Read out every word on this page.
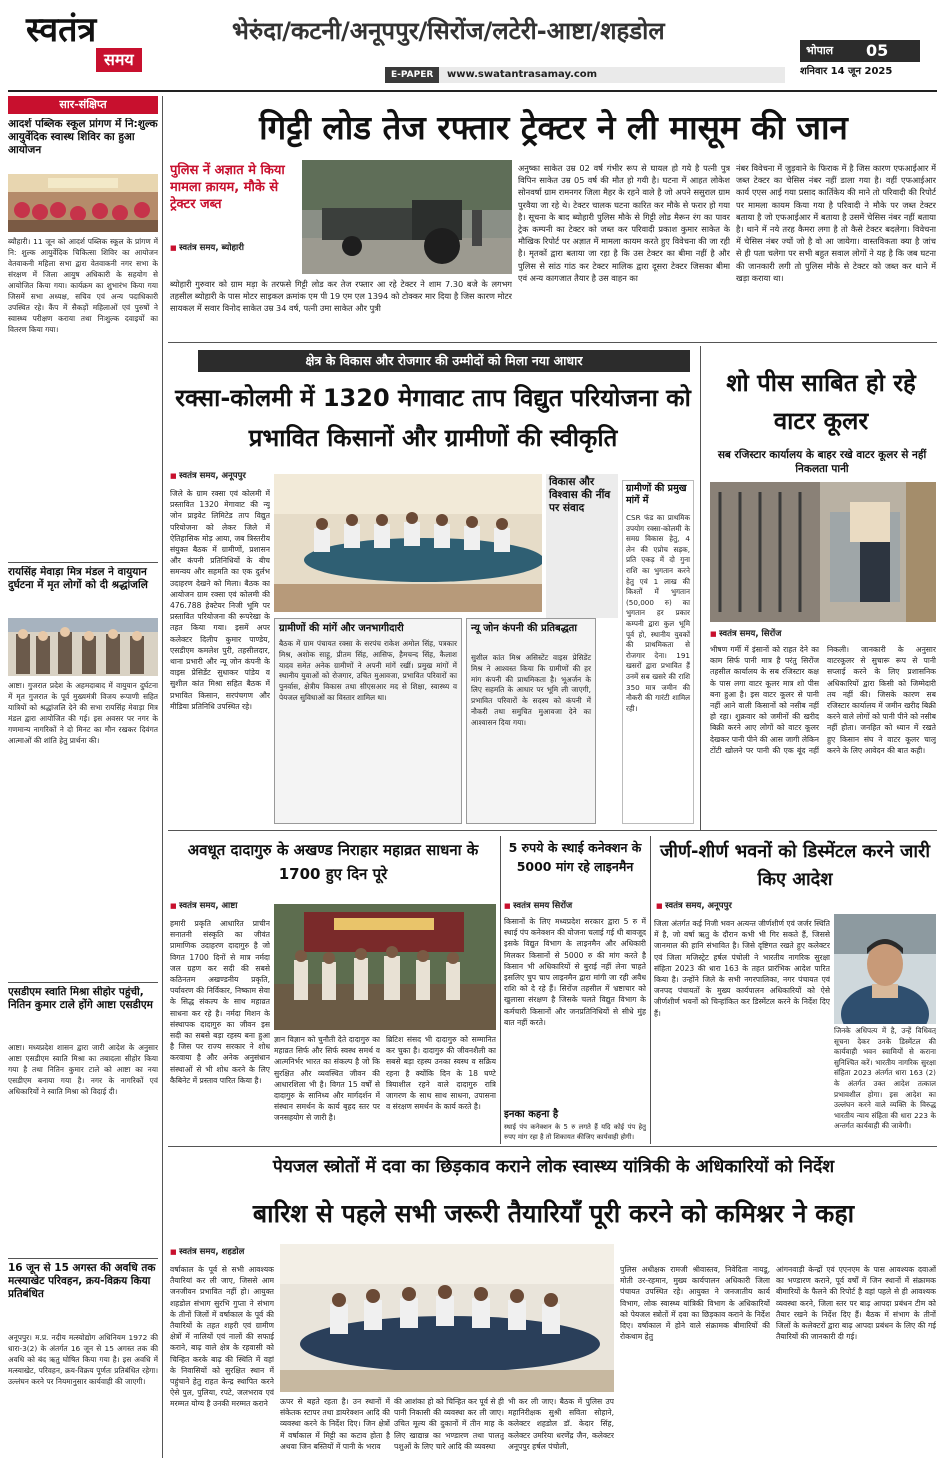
स्वतंत्र
समय
भेरुंदा/कटनी/अनूपपुर/सिरोंज/लटेरी-आष्टा/शहडोल
E-PAPER	www.swatantrasamay.com
भोपाल 05
शनिवार 14 जून 2025
सार-संक्षिप्त
आदर्श पब्लिक स्कूल प्रांगण में नि:शुल्क आयुर्वेदिक स्वास्थ शिविर का हुआ आयोजन
ब्यौहारी। 11 जून को आदर्श पब्लिक स्कूल के प्रांगण में नि: शुल्क आयुर्वेदिक चिकित्सा शिविर का आयोजन वेतवाकनी महिला सभा द्वारा वेतवाकनी नगर सभा के संरक्षण में जिला आयुष अधिकारी के सहयोग से आयोजित किया गया। कार्यक्रम का शुभारंभ किया गया जिसमें सभा अध्यक्ष, सचिव एवं अन्य पदाधिकारी उपस्थित रहे। कैंप में सैकड़ों महिलाओं एवं पुरुषों ने स्वास्थ्य परीक्षण कराया तथा निःशुल्क दवाइयों का वितरण किया गया।
रायसिंह मेवाड़ा मित्र मंडल ने वायुयान दुर्घटना में मृत लोगों को दी श्रद्धांजलि
आष्टा। गुजरात प्रदेश के अहमदाबाद में वायुयान दुर्घटना में मृत गुजरात के पूर्व मुख्यमंत्री विजय रूपाणी सहित यात्रियों को श्रद्धांजलि देने की सभा रायसिंह मेवाड़ा मित्र मंडल द्वारा आयोजित की गई। इस अवसर पर नगर के गणमान्य नागरिकों ने दो मिनट का मौन रखकर दिवंगत आत्माओं की शांति हेतु प्रार्थना की।
एसडीएम स्वाति मिश्रा सीहोर पहुंची, नितिन कुमार टाले होंगे आष्टा एसडीएम
आष्टा। मध्यप्रदेश शासन द्वारा जारी आदेश के अनुसार आष्टा एसडीएम स्वाति मिश्रा का तबादला सीहोर किया गया है तथा नितिन कुमार टाले को आष्टा का नया एसडीएम बनाया गया है। नगर के नागरिकों एवं अधिकारियों ने स्वाति मिश्रा को विदाई दी।
16 जून से 15 अगस्त की अवधि तक मत्स्याखेट परिवहन, क्रय-विक्रय किया प्रतिबंधित
अनूपपुर। म.प्र. नदीय मत्स्योद्योग अधिनियम 1972 की धारा-3(2) के अंतर्गत 16 जून से 15 अगस्त तक की अवधि को बंद ऋतु घोषित किया गया है। इस अवधि में मत्स्याखेट, परिवहन, क्रय-विक्रय पूर्णतः प्रतिबंधित रहेगा। उल्लंघन करने पर नियमानुसार कार्यवाही की जाएगी।
गिट्टी लोड तेज रफ्तार ट्रेक्टर ने ली मासूम की जान
पुलिस नें अज्ञात मे किया मामला क़ायम, मौके से ट्रेक्टर जब्त
■ स्वतंत्र समय, ब्योहारी
ब्योहारी गुरुवार को ग्राम मड़ा के तरफसे गिट्टी लोड कर तेज रफ्तार आ रहे टेक्टर ने शाम 7.30 बजे के लगभग तहसील ब्योहारी के पास मोटर साइकल क्रमांक एम पी 19 एम एल 1394 को टोक्कर मार दिया है जिस कारण मोटर सायकल में सवार विनोद साकेत उम्र 34 वर्ष, पत्नी उमा साकेत और पुत्री
अनुष्का साकेत उम्र 02 वर्ष गंभीर रूप से घायल हो गये है पत्नी पुत्र विपिन साकेत उम्र 05 वर्ष की मौत हो गयी है। घटना में आहत लोकेश सोनवर्षा ग्राम रामनगर जिला मैहर के रहने वाले है जो अपने ससुराल ग्राम पुरवैया जा रहे थे। टेक्टर चालक घटना कारित कर मौके से फरार हो गया है। सूचना के बाद ब्योहारी पुलिस मौके से गिट्टी लोड मैरून रंग का पावर ट्रेक कम्पनी का टेक्टर को जब्त कर परिवादी प्रकाश कुमार साकेत के मौखिक रिपोर्ट पर अज्ञात में मामला कायम करते हुए विवेचना की जा रही है। मृतकों द्वारा बताया जा रहा है कि उस टेक्टर का बीमा नहीं है और पुलिस से सांठ गांठ कर टेक्टर मालिक द्वारा दूसरा टेक्टर जिसका बीमा एवं अन्य कागजात तैयार है उस वाहन का
नंबर विवेचना में जुड़वाने के फिराक में है जिस कारण एफआईआर में जब्त टेक्टर का चेसिस नंबर नहीं डाला गया है। वहीं एफआईआर कार्य एएस आई गया प्रसाद कार्तिकेय की माने तो परिवादी की रिपोर्ट पर मामला कायम किया गया है परिवादी ने मौके पर जब्त टेक्टर बताया है जो एफआईआर में बताया है उसमें चेसिस नंबर नहीं बताया है। थाने में नये तरह कैमरा लगा है तो कैसे टेक्टर बदलेगा। विवेचना में चेसिस नंबर ज्यों जो है वो आ जायेगा। वास्तविकता क्या है जांच से ही पता चलेगा पर सभी बहुत सवाल लोगों ने यह है कि जब घटना की जानकारी लगी तो पुलिस मौके से टेक्टर को जब्त कर थाने में खड़ा कराया था।
क्षेत्र के विकास और रोजगार की उम्मीदों को मिला नया आधार
रक्सा-कोलमी में 1320 मेगावाट ताप विद्युत परियोजना को प्रभावित किसानों और ग्रामीणों की स्वीकृति
■ स्वतंत्र समय, अनूपपुर
जिले के ग्राम रक्सा एवं कोलमी में प्रस्तावित 1320 मेगावाट की न्यू जोन प्राइवेट लिमिटेड ताप विद्युत परियोजना को लेकर जिले में ऐतिहासिक मोड़ आया, जब त्रिस्तरीय संयुक्त बैठक में ग्रामीणों, प्रशासन और कंपनी प्रतिनिधियों के बीच समन्वय और सहमति का एक दुर्लभ उदाहरण देखने को मिला। बैठक का आयोजन ग्राम रक्सा एवं कोलमी की 476.788 हेक्टेयर निजी भूमि पर प्रस्तावित परियोजना की रूपरेखा के तहत किया गया। इसमें अपर कलेक्टर दिलीप कुमार पाण्डेय, एसडीएम कमलेश पुरी, तहसीलदार, थाना प्रभारी और न्यू जोन कंपनी के वाइस प्रेसिडेंट सुधाकर पांडेय व सुशील कांत मिश्रा सहित बैठक में प्रभावित किसान, सरपंचगण और मीडिया प्रतिनिधि उपस्थित रहे।
ग्रामीणों की मांगें और जनभागीदारी
बैठक में ग्राम पंचायत रक्सा के सरपंच राकेश अमोल सिंह, पत्रकार मिश्र, अशोक साहू, प्रीतम सिंह, आसिफ, हैमचन्द सिंह, कैलाश यादव समेत अनेक ग्रामीणों ने अपनी मांगें रखीं। प्रमुख मांगों में स्थानीय युवाओं को रोजगार, उचित मुआवजा, प्रभावित परिवारों का पुनर्वास, क्षेत्रीय विकास तथा सीएसआर मद से शिक्षा, स्वास्थ्य व पेयजल सुविधाओं का विस्तार शामिल था।
न्यू जोन कंपनी की प्रतिबद्धता
सुशील कांत मिश्र असिस्टेंट वाइस प्रेसिडेंट मिश्र ने आश्वस्त किया कि ग्रामीणों की हर मांग कंपनी की प्राथमिकता है। भूअर्जन के लिए सहमति के आधार पर भूमि ली जाएगी, प्रभावित परिवारों के सदस्य को कंपनी में नौकरी तथा समुचित मुआवजा देने का आश्वासन दिया गया।
विकास और विश्वास की नींव पर संवाद
ग्रामीणों की प्रमुख मांगें में
CSR फंड का प्राथमिक उपयोग रक्सा-कोलमी के समग्र विकास हेतु, 4 लेन की एप्रोच सड़क, प्रति एकड़ में दो गुना राशि का भुगतान करने हेतु एवं 1 लाख की किश्तों में भुगतान (50,000 रु) का भुगतान हर प्रकार कम्पनी द्वारा कुल भूमि पूर्व हो, स्थानीय युवकों की प्राथमिकता से रोजगार देना। 191 खसरों द्वारा प्रभावित हैं उनमें सब खसरे की राशि 350 मात्र जमीन की नौकरी की गारंटी शामिल रही।
शो पीस साबित हो रहे वाटर कूलर
सब रजिस्टार कार्यालय के बाहर रखे वाटर कूलर से नहीं निकलता पानी
■ स्वतंत्र समय, सिरोंज
भीषण गर्मी में इंसानों को राहत देने का काम सिर्फ पानी मात्र है परंतु सिरोंज तहसील कार्यालय के सब रजिस्टार कक्ष के पास लगा वाटर कूलर मात्र शो पीस बना हुआ है। इस वाटर कूलर से पानी नहीं आने वाली किसानों को नसीब नहीं हो रहा। शुक्रवार को जमीनों की खरीद बिक्री करने आए लोगों को वाटर कूलर देखकर पानी पीने की आस जागी लेकिन टोंटी खोलने पर पानी की एक बूंद नहीं निकली। जानकारी के अनुसार वाटरकूलर से सुचारू रूप से पानी सप्लाई करने के लिए प्रशासनिक अधिकारियों द्वारा किसी को जिम्मेदारी तय नहीं की। जिसके कारण सब रजिस्टार कार्यालय में जमीन खरीद बिक्री करने वाले लोगों को पानी पीने को नसीब नहीं होता। जनहित को ध्यान में रखते हुए किसान संघ ने वाटर कूलर चालू करने के लिए आवेदन की बात कही।
अवधूत दादागुरु के अखण्ड निराहार महाव्रत साधना के 1700 हुए दिन पूरे
■ स्वतंत्र समय, आष्टा
हमारी प्रकृति आधारित प्राचीन सनातनी संस्कृति का जीवंत प्रामाणिक उदाहरण दादागुरु है जो विगत 1700 दिनों से मात्र नर्मदा जल ग्रहण कर सदी की सबसे कठिनतम अखण्डनीय प्रकृति, पर्यावरण की निर्विकार, निष्काम सेवा के सिद्ध संकल्प के साथ महाव्रत साधना कर रहे है। नर्मदा मिशन के संस्थापक दादागुरु का जीवन इस सदी का सबसे बड़ा रहस्य बना हुआ है जिस पर राज्य सरकार ने शोध करवाया है और अनेक अनुसंधान संस्थाओं से भी शोध करने के लिए कैबिनेट में प्रस्ताव पारित किया है।
ज्ञान विज्ञान को चुनौती देते दादागुरु का महाव्रत सिर्फ और सिर्फ स्वस्थ समर्थ व आत्मनिर्भर भारत का संकल्प है जो कि सुरक्षित और व्यवस्थित जीवन की आधारशिला भी है। विगत 15 वर्षों से दादागुरु के सानिध्य और मार्गदर्शन में संस्थान समर्थन के कार्य बृहद स्तर पर जनसहयोग से जारी है।
ब्रिटिश संसद भी दादागुरु को सम्मानित कर चुका है। दादागुरु की जीवनशैली का सबसे बड़ा रहस्य उनका स्वस्थ व सक्रिय रहना है क्योंकि दिन के 18 घण्टे त्रियाशील रहने वाले दादागुरु रात्रि जागरण के साथ साथ साधना, उपासना व संरक्षण समर्थन के कार्य करते है।
5 रुपये के स्थाई कनेक्शन के 5000 मांग रहे लाइनमैन
■ स्वतंत्र समय सिरोंज
किसानों के लिए मध्यप्रदेश सरकार द्वारा 5 रु में स्थाई पंप कनेक्शन की योजना चलाई गई थी बावजूद इसके विद्युत विभाग के लाइनमैन और अधिकारी मिलकर किसानों से 5000 रु की मांग करते है किसान भी अधिकारियों से बुराई नहीं लेना चाहते इसलिए चुप चाप लाइनमैन द्वारा मांगी जा रही अवैध राशि को दे रहे हैं। सिरोंज तहसील में भ्रष्टाचार को खुलासा संरक्षण है जिसके चलते विद्युत विभाग के कर्मचारी किसानों और जनप्रतिनिधियों से सीधे मुंह बात नहीं करते।
इनका कहना है
स्थाई पंप कनेक्शन के 5 रु लगते हैं यदि कोई पंप हेतु रुपए मांग रहा है तो शिकायत कीजिए कार्यवाही होगी।
जीर्ण-शीर्ण भवनों को डिस्मेंटल करने जारी किए आदेश
■ स्वतंत्र समय, अनूपपुर
जिला अंतर्गत कई निजी भवन अत्यन्त जीर्णशीर्ण एवं जर्जर स्थिति में है, जो वर्षा ऋतु के दौरान कभी भी गिर सकते हैं, जिससे जानमाल की हानि संभावित है। जिसे दृष्टिगत रखते हुए कलेक्टर एवं जिला मजिस्ट्रेट हर्षल पंचोली ने भारतीय नागरिक सुरक्षा संहिता 2023 की धारा 163 के तहत प्रारंभिक आदेश पारित किया है। उन्होंने जिले के सभी नगरपालिका, नगर पंचायत एवं जनपद पंचायतों के मुख्य कार्यपालन अधिकारियों को ऐसे जीर्णशीर्ण भवनों को चिन्हांकित कर डिस्मेंटल करने के निर्देश दिए हैं।
जिनके अधिपत्य में है, उन्हें विधिवत् सूचना देकर उनके डिस्मेंटल की कार्यवाही भवन स्वामियों से कराना सुनिश्चित करें। भारतीय नागरिक सुरक्षा संहिता 2023 अंतर्गत धारा 163 (2) के अंतर्गत उक्त आदेश तत्काल प्रभावशील होगा। इस आदेश का उल्लंघन करने वाले व्यक्ति के विरुद्ध भारतीय न्याय संहिता की धारा 223 के अन्तर्गत कार्यवाही की जावेगी।
पेयजल स्त्रोतों में दवा का छिड़काव कराने लोक स्वास्थ्य यांत्रिकी के अधिकारियों को निर्देश
बारिश से पहले सभी जरूरी तैयारियाँ पूरी करने को कमिश्नर ने कहा
■ स्वतंत्र समय, शहडोल
वर्षाकाल के पूर्व से सभी आवश्यक तैयारियां कर ली जाए, जिससे आम जनजीवन प्रभावित नहीं हो। आयुक्त शहडोल संभाग सुरभि गुप्ता ने संभाग के तीनों जिलों में वर्षाकाल के पूर्व की तैयारियों के तहत शहरी एवं ग्रामीण क्षेत्रों में नालियों एवं नालों की सफाई कराने, बाढ़ वाले क्षेत्र के रहवासी को चिन्हित करके बाढ़ की स्थिति में वहां के निवासियों को सुरक्षित स्थान में पहुंचाने हेतु राहत केन्द्र स्थापित करने ऐसे पुल, पुलिया, रपटे, जलभराव एवं मरम्मत योग्य है उनकी मरम्मत कराने	ऊपर से बहते रहता है। उन स्थानों में संकेतक स्टापर तथा डायरेक्शन आदि की व्यवस्था करने के निर्देश दिए। जिन क्षेत्रों में वर्षाकाल में मिट्टी का कटाव होता है अथवा जिन बस्तियों में पानी के भराव
की आशंका हो को चिन्हित कर पूर्व से ही पानी निकासी की व्यवस्था कर ली जाए। उचित मूल्य की दुकानों में तीन माह के लिए खाद्यान्न का भण्डारण तथा पालतू पशुओं के लिए चारे आदि की व्यवस्था
भी कर ली जाए। बैठक में पुलिस उप महानिरीक्षक सुश्री सविता सोहाने, कलेक्टर शहडोल डॉ. केदार सिंह, कलेक्टर उमरिया धरणेंद्र जैन, कलेक्टर अनूपपुर हर्षल पंचोली,
पुलिस अधीक्षक रामजी श्रीवास्तव, निवेदिता नायडू, मोती उर-रहमान, मुख्य कार्यपालन अधिकारी जिला पंचायत उपस्थित रहे। आयुक्त ने जनजातीय कार्य विभाग, लोक स्वास्थ्य यांत्रिकी विभाग के अधिकारियों को पेयजल स्त्रोतों में दवा का छिड़काव कराने के निर्देश दिए। वर्षाकाल में होने वाले संक्रामक बीमारियों की रोकथाम हेतु
आंगनवाड़ी केन्द्रों एवं एएनएम के पास आवश्यक दवाओं का भण्डारण कराने, पूर्व वर्षों में जिन स्थानों में संक्रामक बीमारियों के फैलने की रिपोर्ट है वहां पहले से ही आवश्यक व्यवस्था करने, जिला स्तर पर बाढ़ आपदा प्रबंधन टीम को तैयार रखने के निर्देश दिए हैं। बैठक में संभाग के तीनों जिलों के कलेक्टरों द्वारा बाढ़ आपदा प्रबंधन के लिए की गई तैयारियों की जानकारी दी गई।
